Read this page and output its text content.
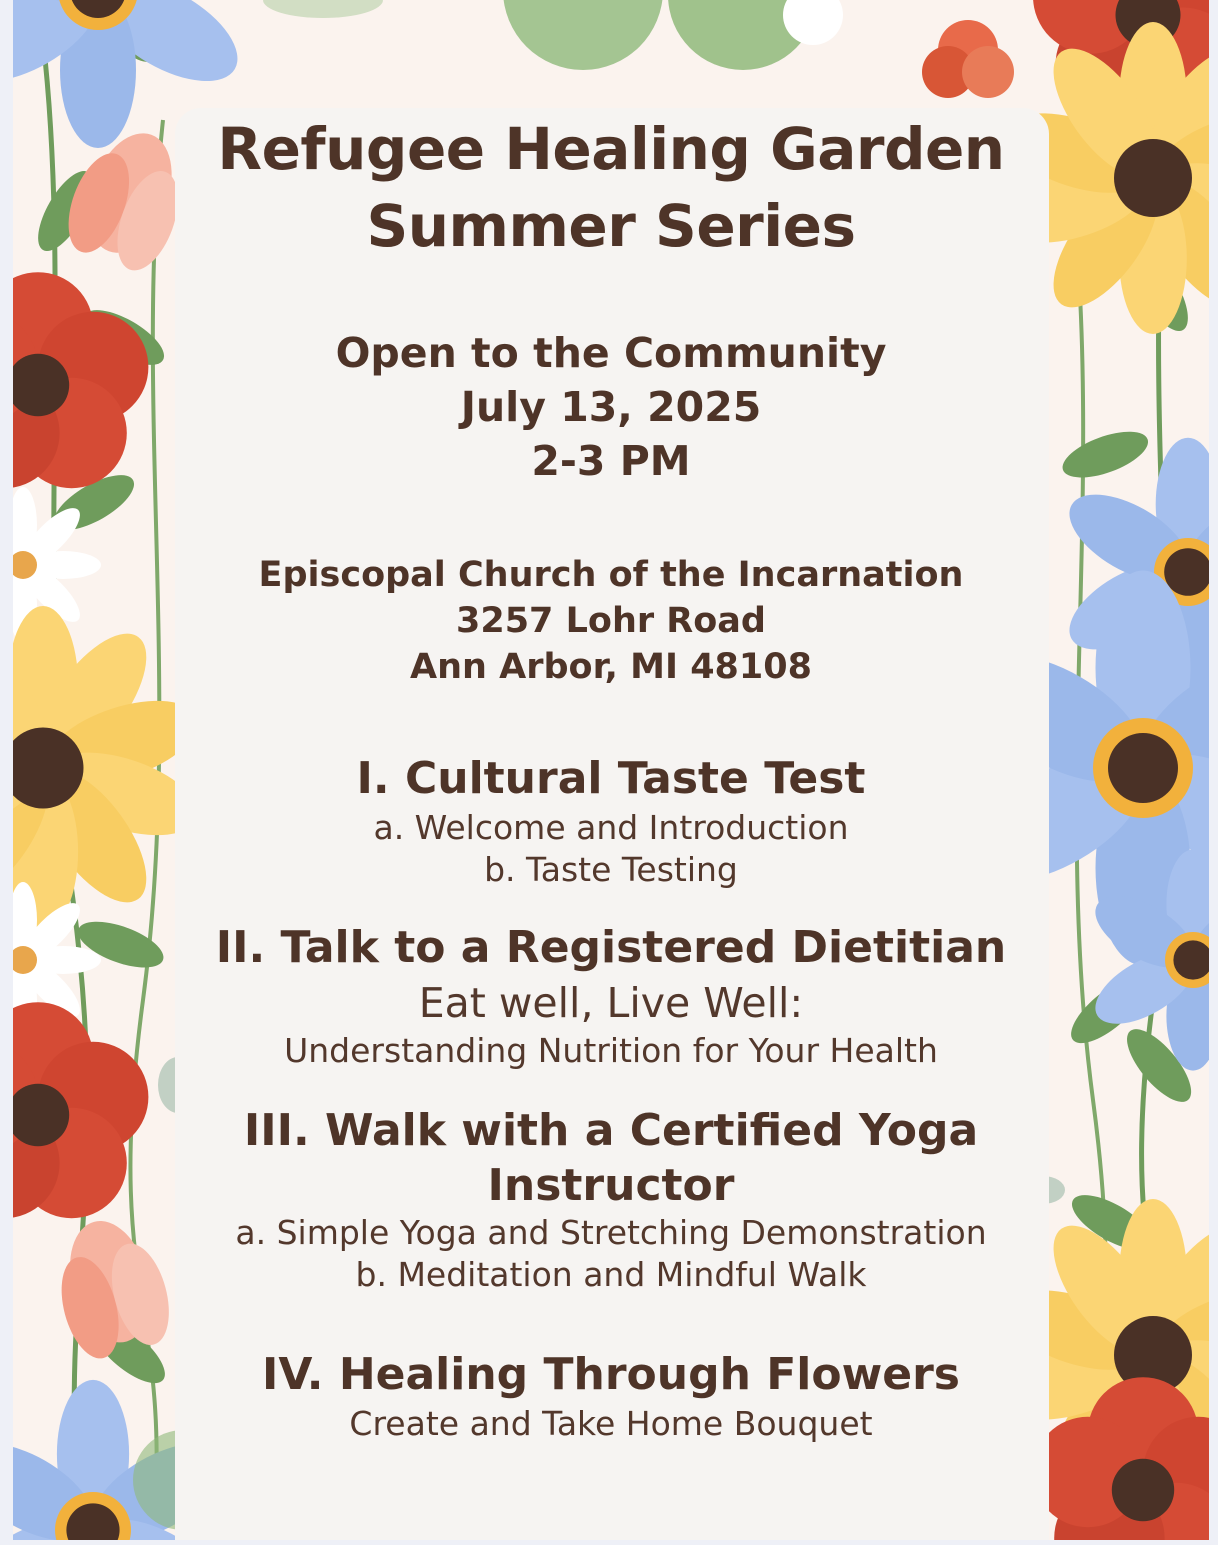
Refugee Healing Garden
Summer Series
Open to the Community
July 13, 2025
2-3 PM
Episcopal Church of the Incarnation
3257 Lohr Road
Ann Arbor, MI 48108
I. Cultural Taste Test
a. Welcome and Introduction
b. Taste Testing
II. Talk to a Registered Dietitian
Eat well, Live Well:
Understanding Nutrition for Your Health
III. Walk with a Certified Yoga
Instructor
a. Simple Yoga and Stretching Demonstration
b. Meditation and Mindful Walk
IV. Healing Through Flowers
Create and Take Home Bouquet
